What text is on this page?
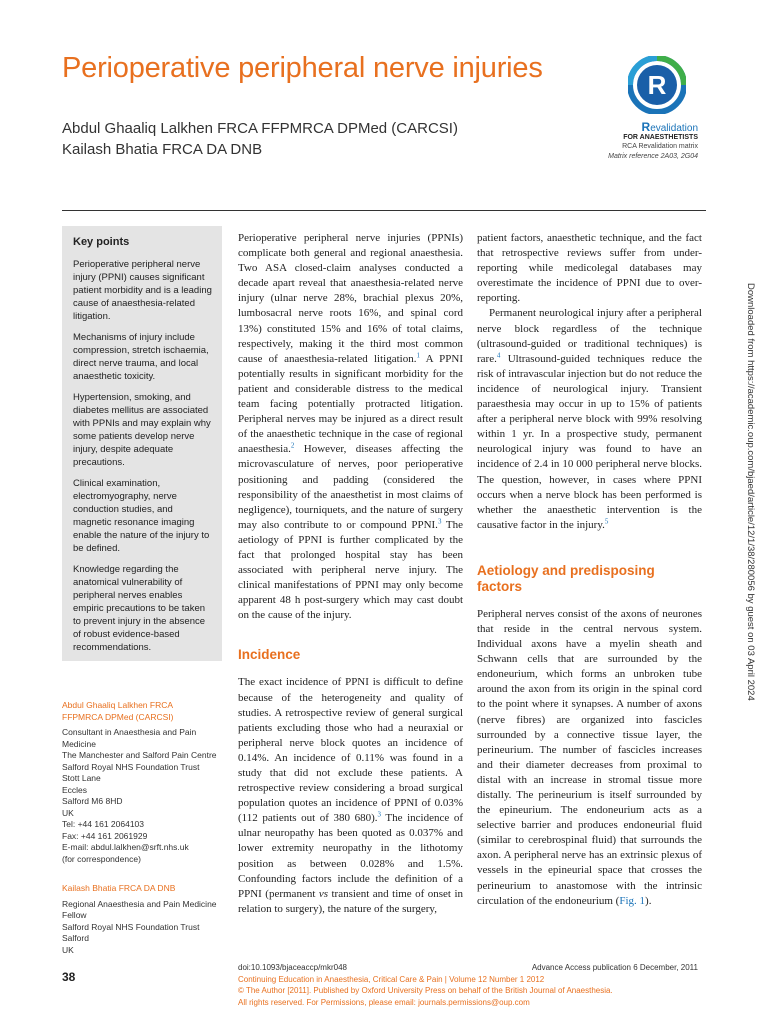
Perioperative peripheral nerve injuries
Abdul Ghaaliq Lalkhen FRCA FFPMRCA DPMed (CARCSI)
Kailash Bhatia FRCA DA DNB
R
Revalidation
FOR ANAESTHETISTS
RCA Revalidation matrix
Matrix reference 2A03, 2G04
Key points

Perioperative peripheral nerve injury (PPNI) causes significant patient morbidity and is a leading cause of anaesthesia-related litigation.

Mechanisms of injury include compression, stretch ischaemia, direct nerve trauma, and local anaesthetic toxicity.

Hypertension, smoking, and diabetes mellitus are associated with PPNIs and may explain why some patients develop nerve injury, despite adequate precautions.

Clinical examination, electromyography, nerve conduction studies, and magnetic resonance imaging enable the nature of the injury to be defined.

Knowledge regarding the anatomical vulnerability of peripheral nerves enables empiric precautions to be taken to prevent injury in the absence of robust evidence-based recommendations.

Abdul Ghaaliq Lalkhen FRCA
FFPMRCA DPMed (CARCSI)

Consultant in Anaesthesia and Pain
Medicine
The Manchester and Salford Pain Centre
Salford Royal NHS Foundation Trust
Stott Lane
Eccles
Salford M6 8HD
UK
Tel: +44 161 2064103
Fax: +44 161 2061929
E-mail: abdul.lalkhen@srft.nhs.uk
(for correspondence)

Kailash Bhatia FRCA DA DNB

Regional Anaesthesia and Pain Medicine
Fellow
Salford Royal NHS Foundation Trust
Salford
UK

Perioperative peripheral nerve injuries (PPNIs) complicate both general and regional anaesthesia. Two ASA closed-claim analyses conducted a decade apart reveal that anaesthesia-related nerve injury (ulnar nerve 28%, brachial plexus 20%, lumbosacral nerve roots 16%, and spinal cord 13%) constituted 15% and 16% of total claims, respectively, making it the third most common cause of anaesthesia-related litigation.$^1$ A PPNI potentially results in significant morbidity for the patient and considerable distress to the medical team facing potentially protracted litigation. Peripheral nerves may be injured as a direct result of the anaesthetic technique in the case of regional anaesthesia.$^2$ However, diseases affecting the microvasculature of nerves, poor perioperative positioning and padding (considered the responsibility of the anaesthetist in most claims of negligence), tourniquets, and the nature of surgery may also contribute to or compound PPNI.$^3$ The aetiology of PPNI is further complicated by the fact that prolonged hospital stay has been associated with peripheral nerve injury. The clinical manifestations of PPNI may only become apparent 48 h post-surgery which may cast doubt on the cause of the injury.

Incidence

The exact incidence of PPNI is difficult to define because of the heterogeneity and quality of studies. A retrospective review of general surgical patients excluding those who had a neuraxial or peripheral nerve block quotes an incidence of 0.14%. An incidence of 0.11% was found in a study that did not exclude these patients. A retrospective review considering a broad surgical population quotes an incidence of PPNI of 0.03% (112 patients out of 380 680).$^3$ The incidence of ulnar neuropathy has been quoted as 0.037% and lower extremity neuropathy in the lithotomy position as between 0.028% and 1.5%. Confounding factors include the definition of a PPNI (permanent vs transient and time of onset in relation to surgery), the nature of the surgery,

patient factors, anaesthetic technique, and the fact that retrospective reviews suffer from under-reporting while medicolegal databases may overestimate the incidence of PPNI due to over-reporting.

Permanent neurological injury after a peripheral nerve block regardless of the technique (ultrasound-guided or traditional techniques) is rare.$^4$ Ultrasound-guided techniques reduce the risk of intravascular injection but do not reduce the incidence of neurological injury. Transient paraesthesia may occur in up to 15% of patients after a peripheral nerve block with 99% resolving within 1 yr. In a prospective study, permanent neurological injury was found to have an incidence of 2.4 in 10 000 peripheral nerve blocks. The question, however, in cases where PPNI occurs when a nerve block has been performed is whether the anaesthetic intervention is the causative factor in the injury.$^5$

Aetiology and predisposing factors

Peripheral nerves consist of the axons of neurones that reside in the central nervous system. Individual axons have a myelin sheath and Schwann cells that are surrounded by the endoneurium, which forms an unbroken tube around the axon from its origin in the spinal cord to the point where it synapses. A number of axons (nerve fibres) are organized into fascicles surrounded by a connective tissue layer, the perineurium. The number of fascicles increases and their diameter decreases from proximal to distal with an increase in stromal tissue more distally. The perineurium is itself surrounded by the epineurium. The endoneurium acts as a selective barrier and produces endoneurial fluid (similar to cerebrospinal fluid) that surrounds the axon. A peripheral nerve has an extrinsic plexus of vessels in the epineurial space that crosses the perineurium to anastomose with the intrinsic circulation of the endoneurium (Fig. 1).

38
doi:10.1093/bjaceaccp/mkr048	Advance Access publication 6 December, 2011
Continuing Education in Anaesthesia, Critical Care & Pain | Volume 12 Number 1 2012
© The Author [2011]. Published by Oxford University Press on behalf of the British Journal of Anaesthesia.
All rights reserved. For Permissions, please email: journals.permissions@oup.com
Downloaded from https://academic.oup.com/bjaed/article/12/1/38/280056 by guest on 03 April 2024
